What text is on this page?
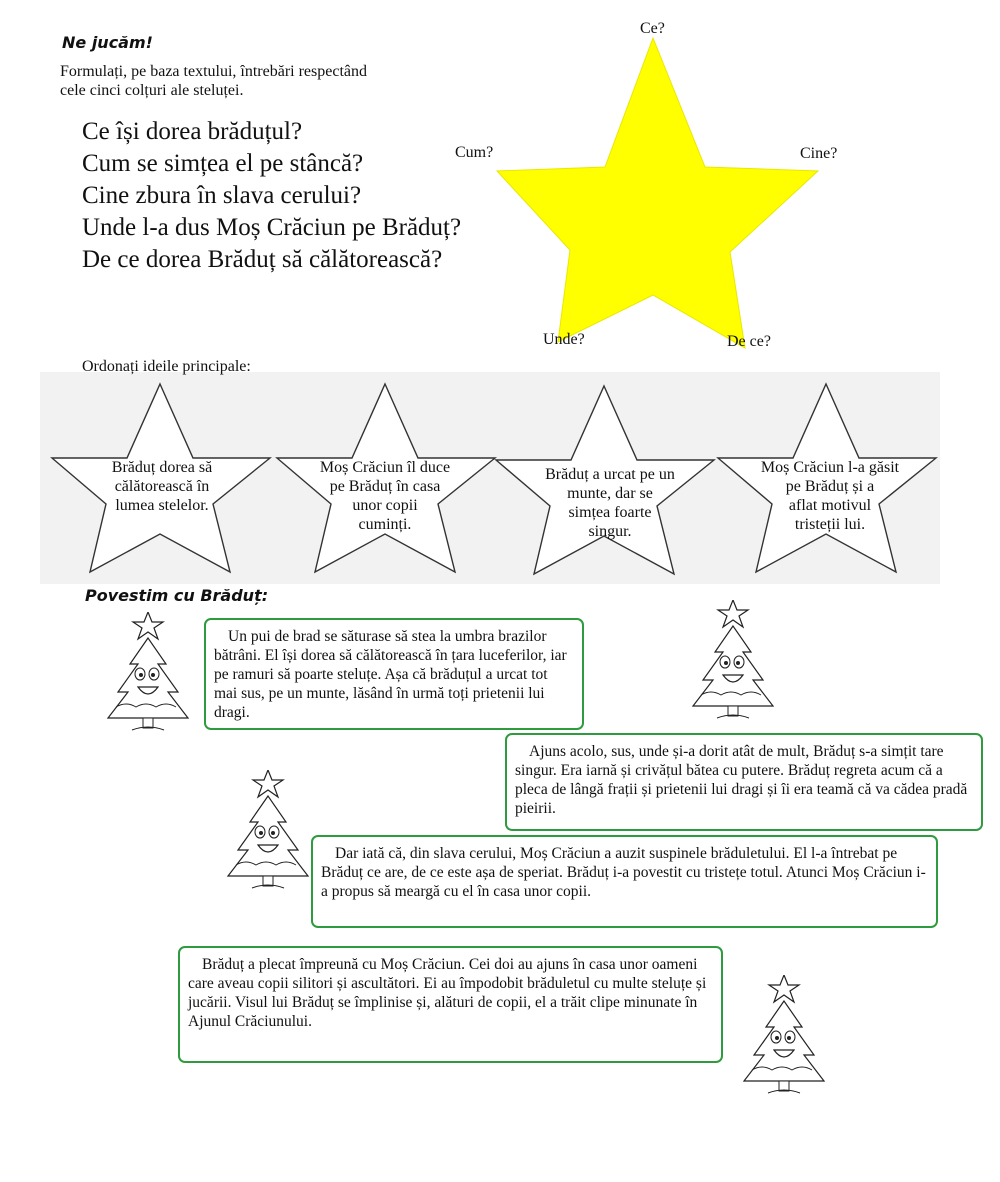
Ne jucăm!
Formulați, pe baza textului, întrebări respectând
cele cinci colțuri ale steluței.
Ce își dorea brăduțul?
Cum se simțea el pe stâncă?
Cine zbura în slava cerului?
Unde l-a dus Moș Crăciun pe Brăduț?
De ce dorea Brăduț să călătorească?
Ce?
Cum?	Cine?
Unde?	De ce?
Ordonați ideile principale:
Brăduț dorea să
călătorească în
lumea stelelor.
Moș Crăciun îl duce
pe Brăduț în casa
unor copii
cuminți.
Brăduț a urcat pe un
munte, dar se
simțea foarte
singur.
Moș Crăciun l-a găsit
pe Brăduț și a
aflat motivul
tristeții lui.
Povestim cu Brăduț:
Un pui de brad se săturase să stea la umbra brazilor bătrâni. El își dorea să călătorească în țara luceferilor, iar pe ramuri să poarte steluțe. Așa că brăduțul a urcat tot mai sus, pe un munte, lăsând în urmă toți prietenii lui dragi.
Ajuns acolo, sus, unde și-a dorit atât de mult, Brăduț s-a simțit tare singur. Era iarnă și crivățul bătea cu putere. Brăduț regreta acum că a pleca de lângă frații și prietenii lui dragi și îi era teamă că va cădea pradă pieirii.
Dar iată că, din slava cerului, Moș Crăciun a auzit suspinele brăduletului. El l-a întrebat pe Brăduț ce are, de ce este așa de speriat. Brăduț i-a povestit cu tristețe totul. Atunci Moș Crăciun i-a propus să meargă cu el în casa unor copii.
Brăduț a plecat împreună cu Moș Crăciun. Cei doi au ajuns în casa unor oameni care aveau copii silitori și ascultători. Ei au împodobit brăduletul cu multe steluțe și jucării. Visul lui Brăduț se împlinise și, alături de copii, el a trăit clipe minunate în Ajunul Crăciunului.
